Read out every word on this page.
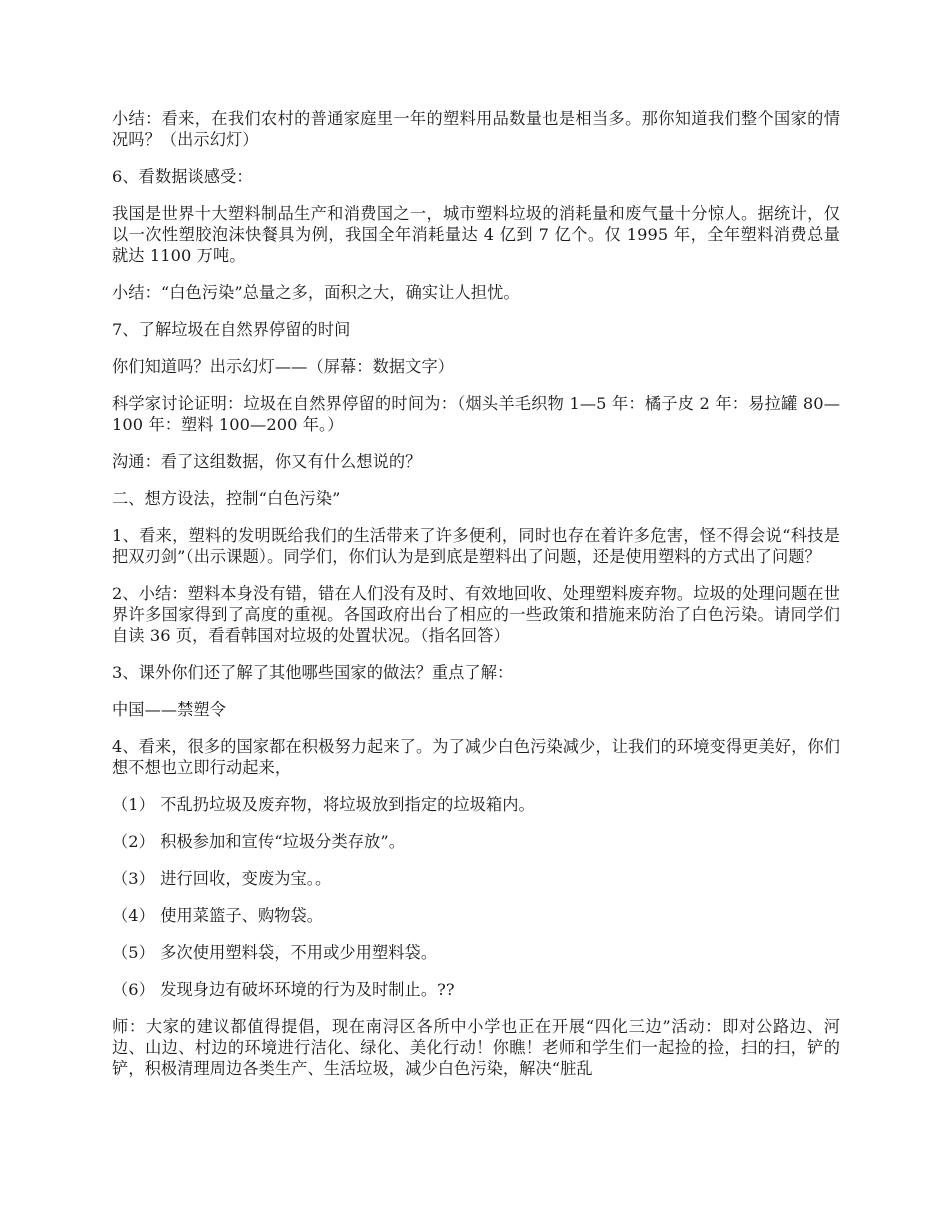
小结：看来，在我们农村的普通家庭里一年的塑料用品数量也是相当多。那你知道我们整个国家的情况吗？（出示幻灯）

6、看数据谈感受：

我国是世界十大塑料制品生产和消费国之一，城市塑料垃圾的消耗量和废气量十分惊人。据统计，仅以一次性塑胶泡沫快餐具为例，我国全年消耗量达 4 亿到 7 亿个。仅 1995 年，全年塑料消费总量就达 1100 万吨。

小结：“白色污染”总量之多，面积之大，确实让人担忧。

7、了解垃圾在自然界停留的时间

你们知道吗？出示幻灯——（屏幕：数据文字）

科学家讨论证明：垃圾在自然界停留的时间为：（烟头羊毛织物 1—5 年：橘子皮 2 年：易拉罐 80—100 年：塑料 100—200 年。）

沟通：看了这组数据，你又有什么想说的？

二、想方设法，控制“白色污染”

1、看来，塑料的发明既给我们的生活带来了许多便利，同时也存在着许多危害，怪不得会说“科技是把双刃剑”（出示课题）。同学们，你们认为是到底是塑料出了问题，还是使用塑料的方式出了问题？

2、小结：塑料本身没有错，错在人们没有及时、有效地回收、处理塑料废弃物。垃圾的处理问题在世界许多国家得到了高度的重视。各国政府出台了相应的一些政策和措施来防治了白色污染。请同学们自读 36 页，看看韩国对垃圾的处置状况。（指名回答）

3、课外你们还了解了其他哪些国家的做法？重点了解：

中国——禁塑令

4、看来，很多的国家都在积极努力起来了。为了减少白色污染减少，让我们的环境变得更美好，你们想不想也立即行动起来，

（1） 不乱扔垃圾及废弃物，将垃圾放到指定的垃圾箱内。

（2） 积极参加和宣传“垃圾分类存放”。

（3） 进行回收，变废为宝。。

（4） 使用菜篮子、购物袋。

（5） 多次使用塑料袋，不用或少用塑料袋。

（6） 发现身边有破坏环境的行为及时制止。??

师：大家的建议都值得提倡，现在南浔区各所中小学也正在开展“四化三边”活动：即对公路边、河边、山边、村边的环境进行洁化、绿化、美化行动！你瞧！老师和学生们一起捡的捡，扫的扫，铲的铲，积极清理周边各类生产、生活垃圾，减少白色污染，解决“脏乱
